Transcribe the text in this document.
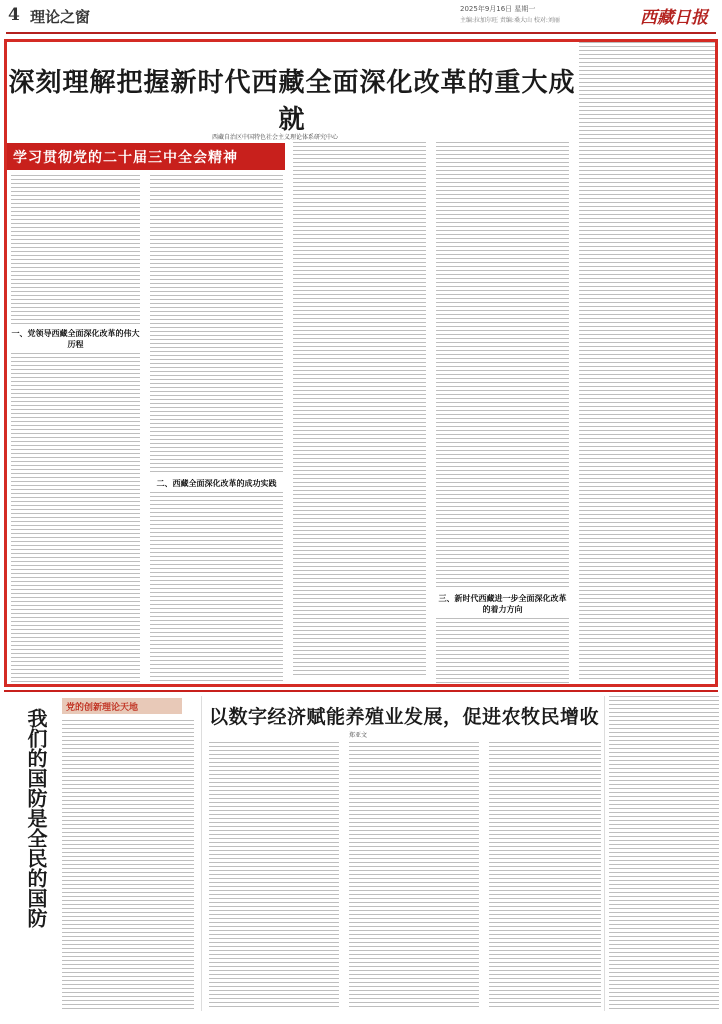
4 理论之窗	2025年9月16日 星期一
主编:拉加尔旺 责编:桑大山 校对:刘丽	西藏日报
深刻理解把握新时代西藏全面深化改革的重大成就
西藏自治区中国特色社会主义理论体系研究中心
学习贯彻党的二十届三中全会精神
一、党领导西藏全面深化改革的伟大历程
二、西藏全面深化改革的成功实践
三、新时代西藏进一步全面深化改革的着力方向
我们的国防是全民的国防	党的创新理论天地	以数字经济赋能养殖业发展，促进农牧民增收
郑亚文
